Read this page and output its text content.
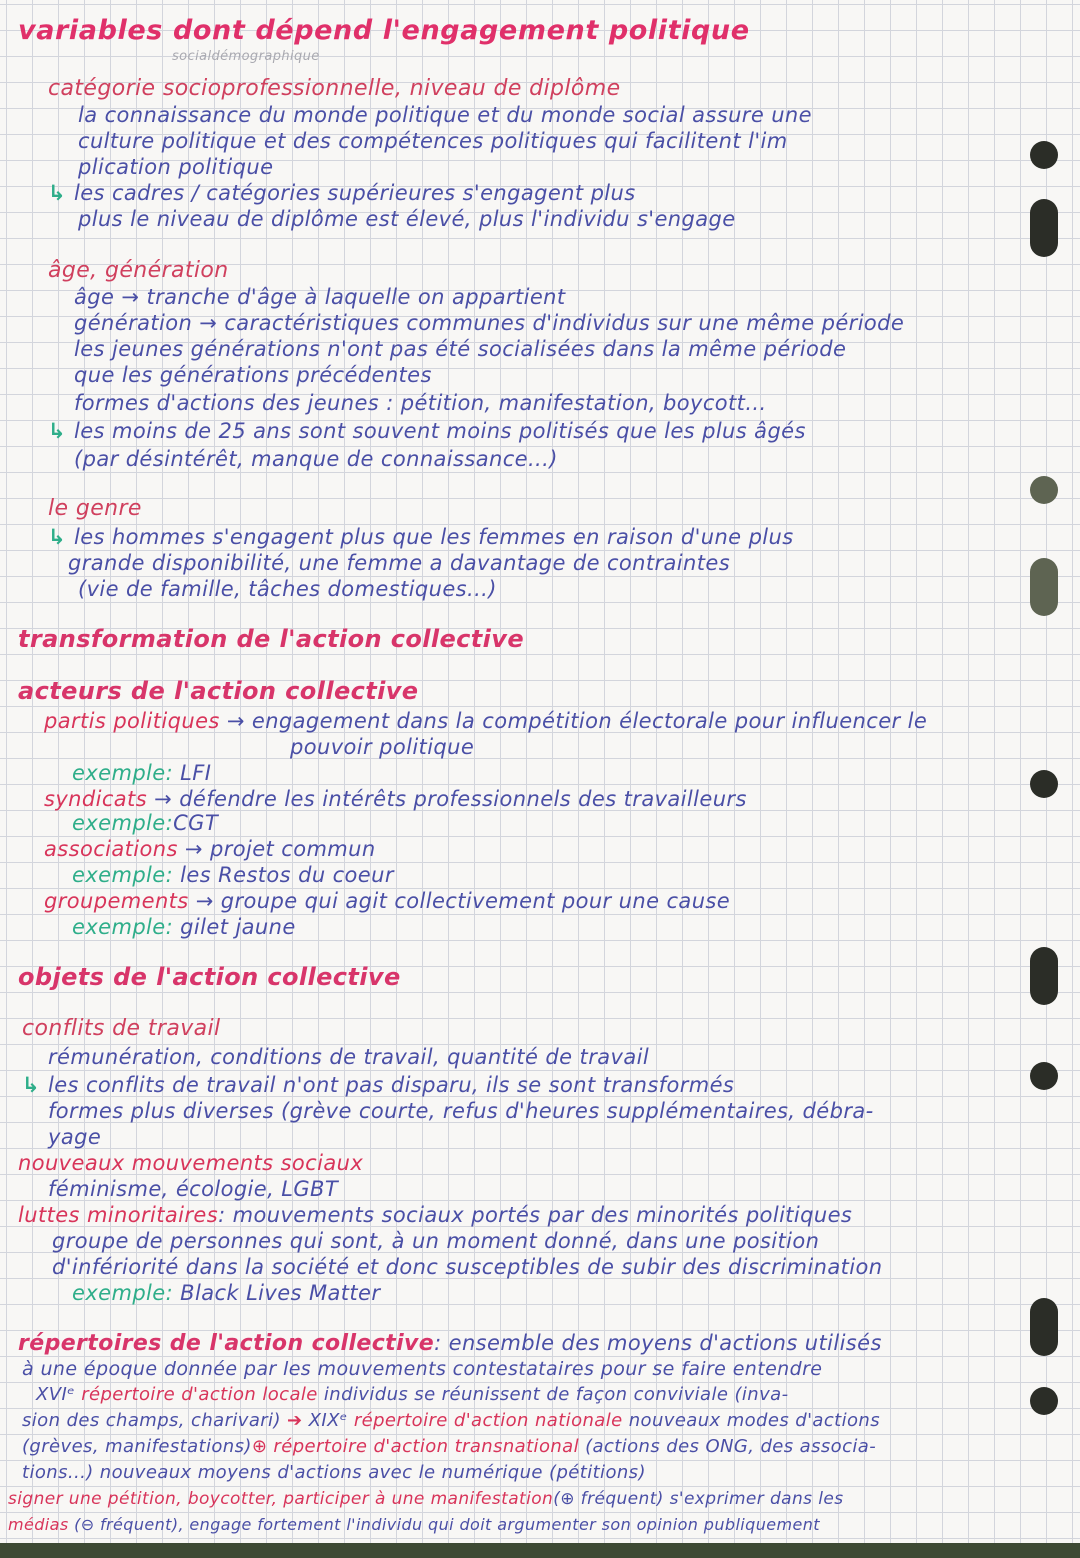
variables dont dépend l'engagement politique
socialdémographique
catégorie socioprofessionnelle, niveau de diplôme
la connaissance du monde politique et du monde social assure une
culture politique et des compétences politiques qui facilitent l'im
plication politique
↳ les cadres / catégories supérieures s'engagent plus
plus le niveau de diplôme est élevé, plus l'individu s'engage
âge, génération
âge → tranche d'âge à laquelle on appartient
génération → caractéristiques communes d'individus sur une même période
les jeunes générations n'ont pas été socialisées dans la même période
que les générations précédentes
formes d'actions des jeunes : pétition, manifestation, boycott...
↳ les moins de 25 ans sont souvent moins politisés que les plus âgés
(par désintérêt, manque de connaissance...)
le genre
↳ les hommes s'engagent plus que les femmes en raison d'une plus
grande disponibilité, une femme a davantage de contraintes
(vie de famille, tâches domestiques...)
transformation de l'action collective
acteurs de l'action collective
partis politiques → engagement dans la compétition électorale pour influencer le
pouvoir politique
exemple: LFI
syndicats → défendre les intérêts professionnels des travailleurs
exemple:CGT
associations → projet commun
exemple: les Restos du coeur
groupements → groupe qui agit collectivement pour une cause
exemple: gilet jaune
objets de l'action collective
conflits de travail
rémunération, conditions de travail, quantité de travail
↳ les conflits de travail n'ont pas disparu, ils se sont transformés
formes plus diverses (grève courte, refus d'heures supplémentaires, débra-
yage
nouveaux mouvements sociaux
féminisme, écologie, LGBT
luttes minoritaires: mouvements sociaux portés par des minorités politiques
groupe de personnes qui sont, à un moment donné, dans une position
d'infériorité dans la société et donc susceptibles de subir des discrimination
exemple: Black Lives Matter
répertoires de l'action collective: ensemble des moyens d'actions utilisés
à une époque donnée par les mouvements contestataires pour se faire entendre
XVIᵉ répertoire d'action locale individus se réunissent de façon conviviale (inva-
sion des champs, charivari) ➔ XIXᵉ répertoire d'action nationale nouveaux modes d'actions
(grèves, manifestations)⊕ répertoire d'action transnational (actions des ONG, des associa-
tions...) nouveaux moyens d'actions avec le numérique (pétitions)
signer une pétition, boycotter, participer à une manifestation(⊕ fréquent) s'exprimer dans les
médias (⊖ fréquent), engage fortement l'individu qui doit argumenter son opinion publiquement
